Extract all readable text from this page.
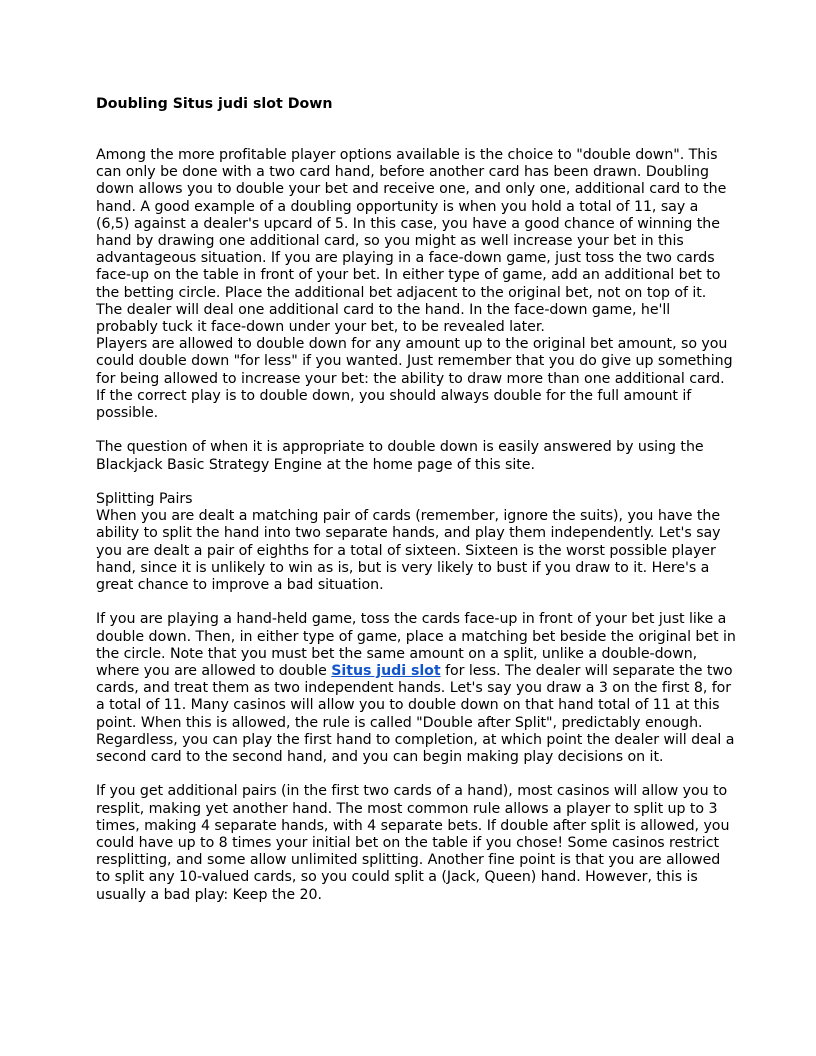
Doubling Situs judi slot Down

Among the more profitable player options available is the choice to "double down". This can only be done with a two card hand, before another card has been drawn. Doubling down allows you to double your bet and receive one, and only one, additional card to the hand. A good example of a doubling opportunity is when you hold a total of 11, say a (6,5) against a dealer's upcard of 5. In this case, you have a good chance of winning the hand by drawing one additional card, so you might as well increase your bet in this advantageous situation. If you are playing in a face-down game, just toss the two cards face-up on the table in front of your bet. In either type of game, add an additional bet to the betting circle. Place the additional bet adjacent to the original bet, not on top of it. The dealer will deal one additional card to the hand. In the face-down game, he'll probably tuck it face-down under your bet, to be revealed later.

Players are allowed to double down for any amount up to the original bet amount, so you could double down "for less" if you wanted. Just remember that you do give up something for being allowed to increase your bet: the ability to draw more than one additional card. If the correct play is to double down, you should always double for the full amount if possible.

The question of when it is appropriate to double down is easily answered by using the Blackjack Basic Strategy Engine at the home page of this site.

Splitting Pairs

When you are dealt a matching pair of cards (remember, ignore the suits), you have the ability to split the hand into two separate hands, and play them independently. Let's say you are dealt a pair of eighths for a total of sixteen. Sixteen is the worst possible player hand, since it is unlikely to win as is, but is very likely to bust if you draw to it. Here's a great chance to improve a bad situation.

If you are playing a hand-held game, toss the cards face-up in front of your bet just like a double down. Then, in either type of game, place a matching bet beside the original bet in the circle. Note that you must bet the same amount on a split, unlike a double-down, where you are allowed to double Situs judi slot for less. The dealer will separate the two cards, and treat them as two independent hands. Let's say you draw a 3 on the first 8, for a total of 11. Many casinos will allow you to double down on that hand total of 11 at this point. When this is allowed, the rule is called "Double after Split", predictably enough. Regardless, you can play the first hand to completion, at which point the dealer will deal a second card to the second hand, and you can begin making play decisions on it.

If you get additional pairs (in the first two cards of a hand), most casinos will allow you to resplit, making yet another hand. The most common rule allows a player to split up to 3 times, making 4 separate hands, with 4 separate bets. If double after split is allowed, you could have up to 8 times your initial bet on the table if you chose! Some casinos restrict resplitting, and some allow unlimited splitting. Another fine point is that you are allowed to split any 10-valued cards, so you could split a (Jack, Queen) hand. However, this is usually a bad play: Keep the 20.
